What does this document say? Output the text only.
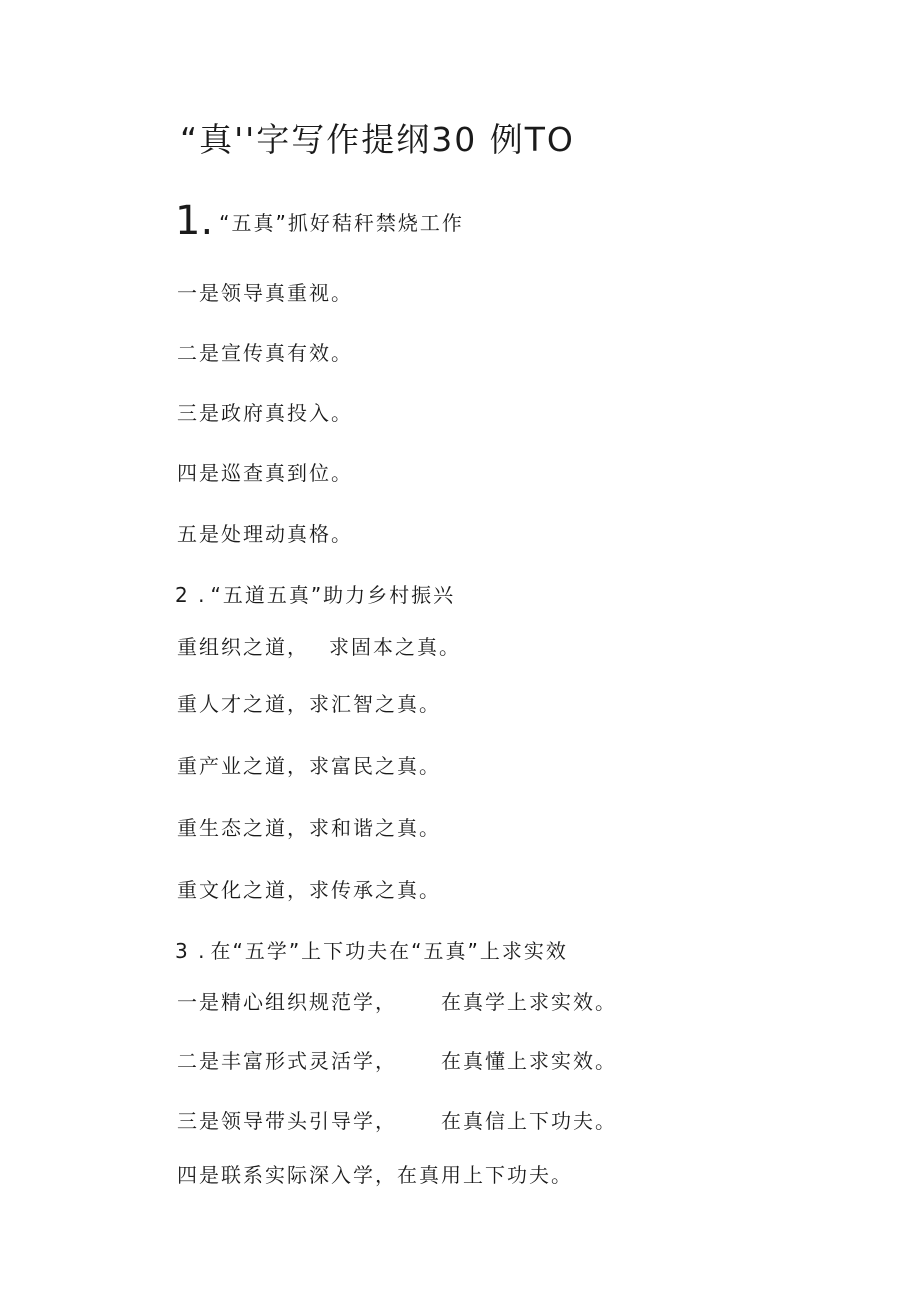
“真''字写作提纲30 例TO
1. “五真”抓好秸秆禁烧工作

一是领导真重视。

二是宣传真有效。

三是政府真投入。

四是巡查真到位。

五是处理动真格。

2 . “五道五真”助力乡村振兴

重组织之道， 求固本之真。

重人才之道，求汇智之真。

重产业之道，求富民之真。

重生态之道，求和谐之真。

重文化之道，求传承之真。

3 . 在“五学”上下功夫在“五真”上求实效

一是精心组织规范学， 在真学上求实效。

二是丰富形式灵活学， 在真懂上求实效。

三是领导带头引导学， 在真信上下功夫。

四是联系实际深入学，在真用上下功夫。
